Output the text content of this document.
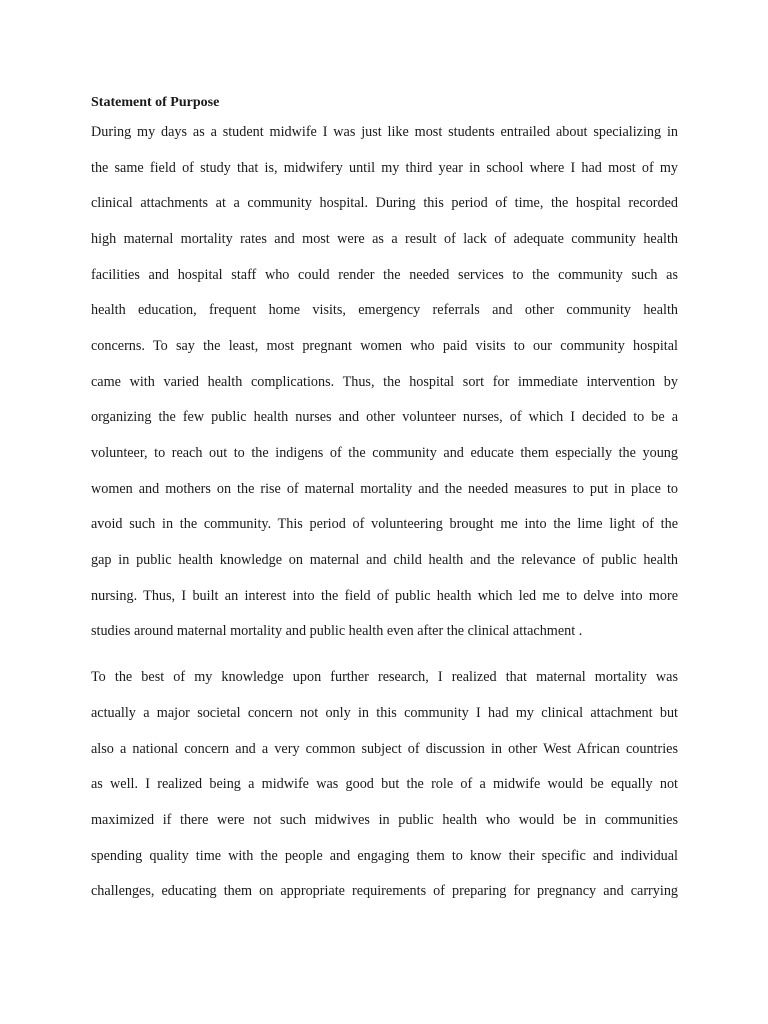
Statement of Purpose

During my days as a student midwife I was just like most students entrailed about specializing in

the same field of study that is, midwifery until my third year in school where I had most of my

clinical attachments at a community hospital. During this period of time, the hospital recorded

high maternal mortality rates and most were as a result of lack of adequate community health

facilities and hospital staff who could render the needed services to the community such as

health education, frequent home visits, emergency referrals and other community health

concerns. To say the least, most pregnant women who paid visits to our community hospital

came with varied health complications. Thus, the hospital sort for immediate intervention by

organizing the few public health nurses and other volunteer nurses, of which I decided to be a

volunteer, to reach out to the indigens of the community and educate them especially the young

women and mothers on the rise of maternal mortality and the needed measures to put in place to

avoid such in the community. This period of volunteering brought me into the lime light of the

gap in public health knowledge on maternal and child health and the relevance of public health

nursing. Thus, I built an interest into the field of public health which led me to delve into more

studies around maternal mortality and public health even after the clinical attachment .

To the best of my knowledge upon further research, I realized that maternal mortality was

actually a major societal concern not only in this community I had my clinical attachment but

also a national concern and a very common subject of discussion in other West African countries

as well. I realized being a midwife was good but the role of a midwife would be equally not

maximized if there were not such midwives in public health who would be in communities

spending quality time with the people and engaging them to know their specific and individual

challenges, educating them on appropriate requirements of preparing for pregnancy and carrying
